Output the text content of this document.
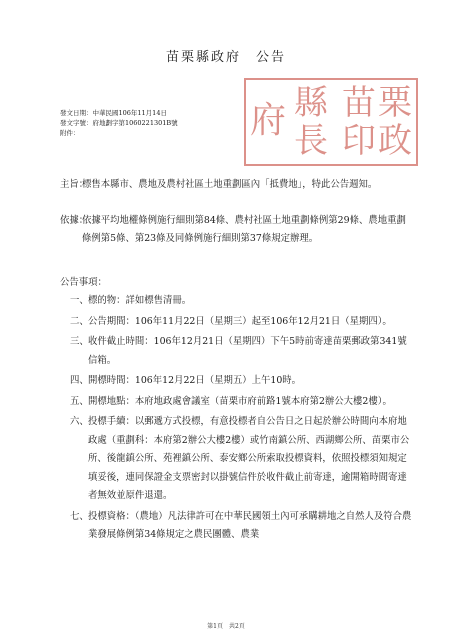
苗栗縣政府　公告
府 縣
長
苗
印
栗
政
發文日期：中華民國106年11月14日
發文字號：府地劃字第1060221301B號
附件：
主旨：
標售本縣市、農地及農村社區土地重劃區內「抵費地」，特此公告週知。
依據：
依據平均地權條例施行細則第84條、農村社區土地重劃條例第29條、農地重劃條例第5條、第23條及同條例施行細則第37條規定辦理。
公告事項：
一、 標的物：詳如標售清冊。
二、 公告期間：106年11月22日（星期三）起至106年12月21日（星期四）。
三、 收件截止時間：106年12月21日（星期四）下午5時前寄達苗栗郵政第341號信箱。
四、 開標時間：106年12月22日（星期五）上午10時。
五、 開標地點：本府地政處會議室（苗栗市府前路1號本府第2辦公大樓2樓）。
六、 投標手續：以郵遞方式投標，有意投標者自公告日之日起於辦公時間向本府地政處（重劃科：本府第2辦公大樓2樓）或竹南鎮公所、西湖鄉公所、苗栗市公所、後龍鎮公所、苑裡鎮公所、泰安鄉公所索取投標資料，依照投標須知規定填妥後，連同保證金支票密封以掛號信件於收件截止前寄達，逾開箱時間寄達者無效並原件退還。
七、 投標資格：（農地）凡法律許可在中華民國領土內可承購耕地之自然人及符合農業發展條例第34條規定之農民團體、農業
第1頁　共2頁
